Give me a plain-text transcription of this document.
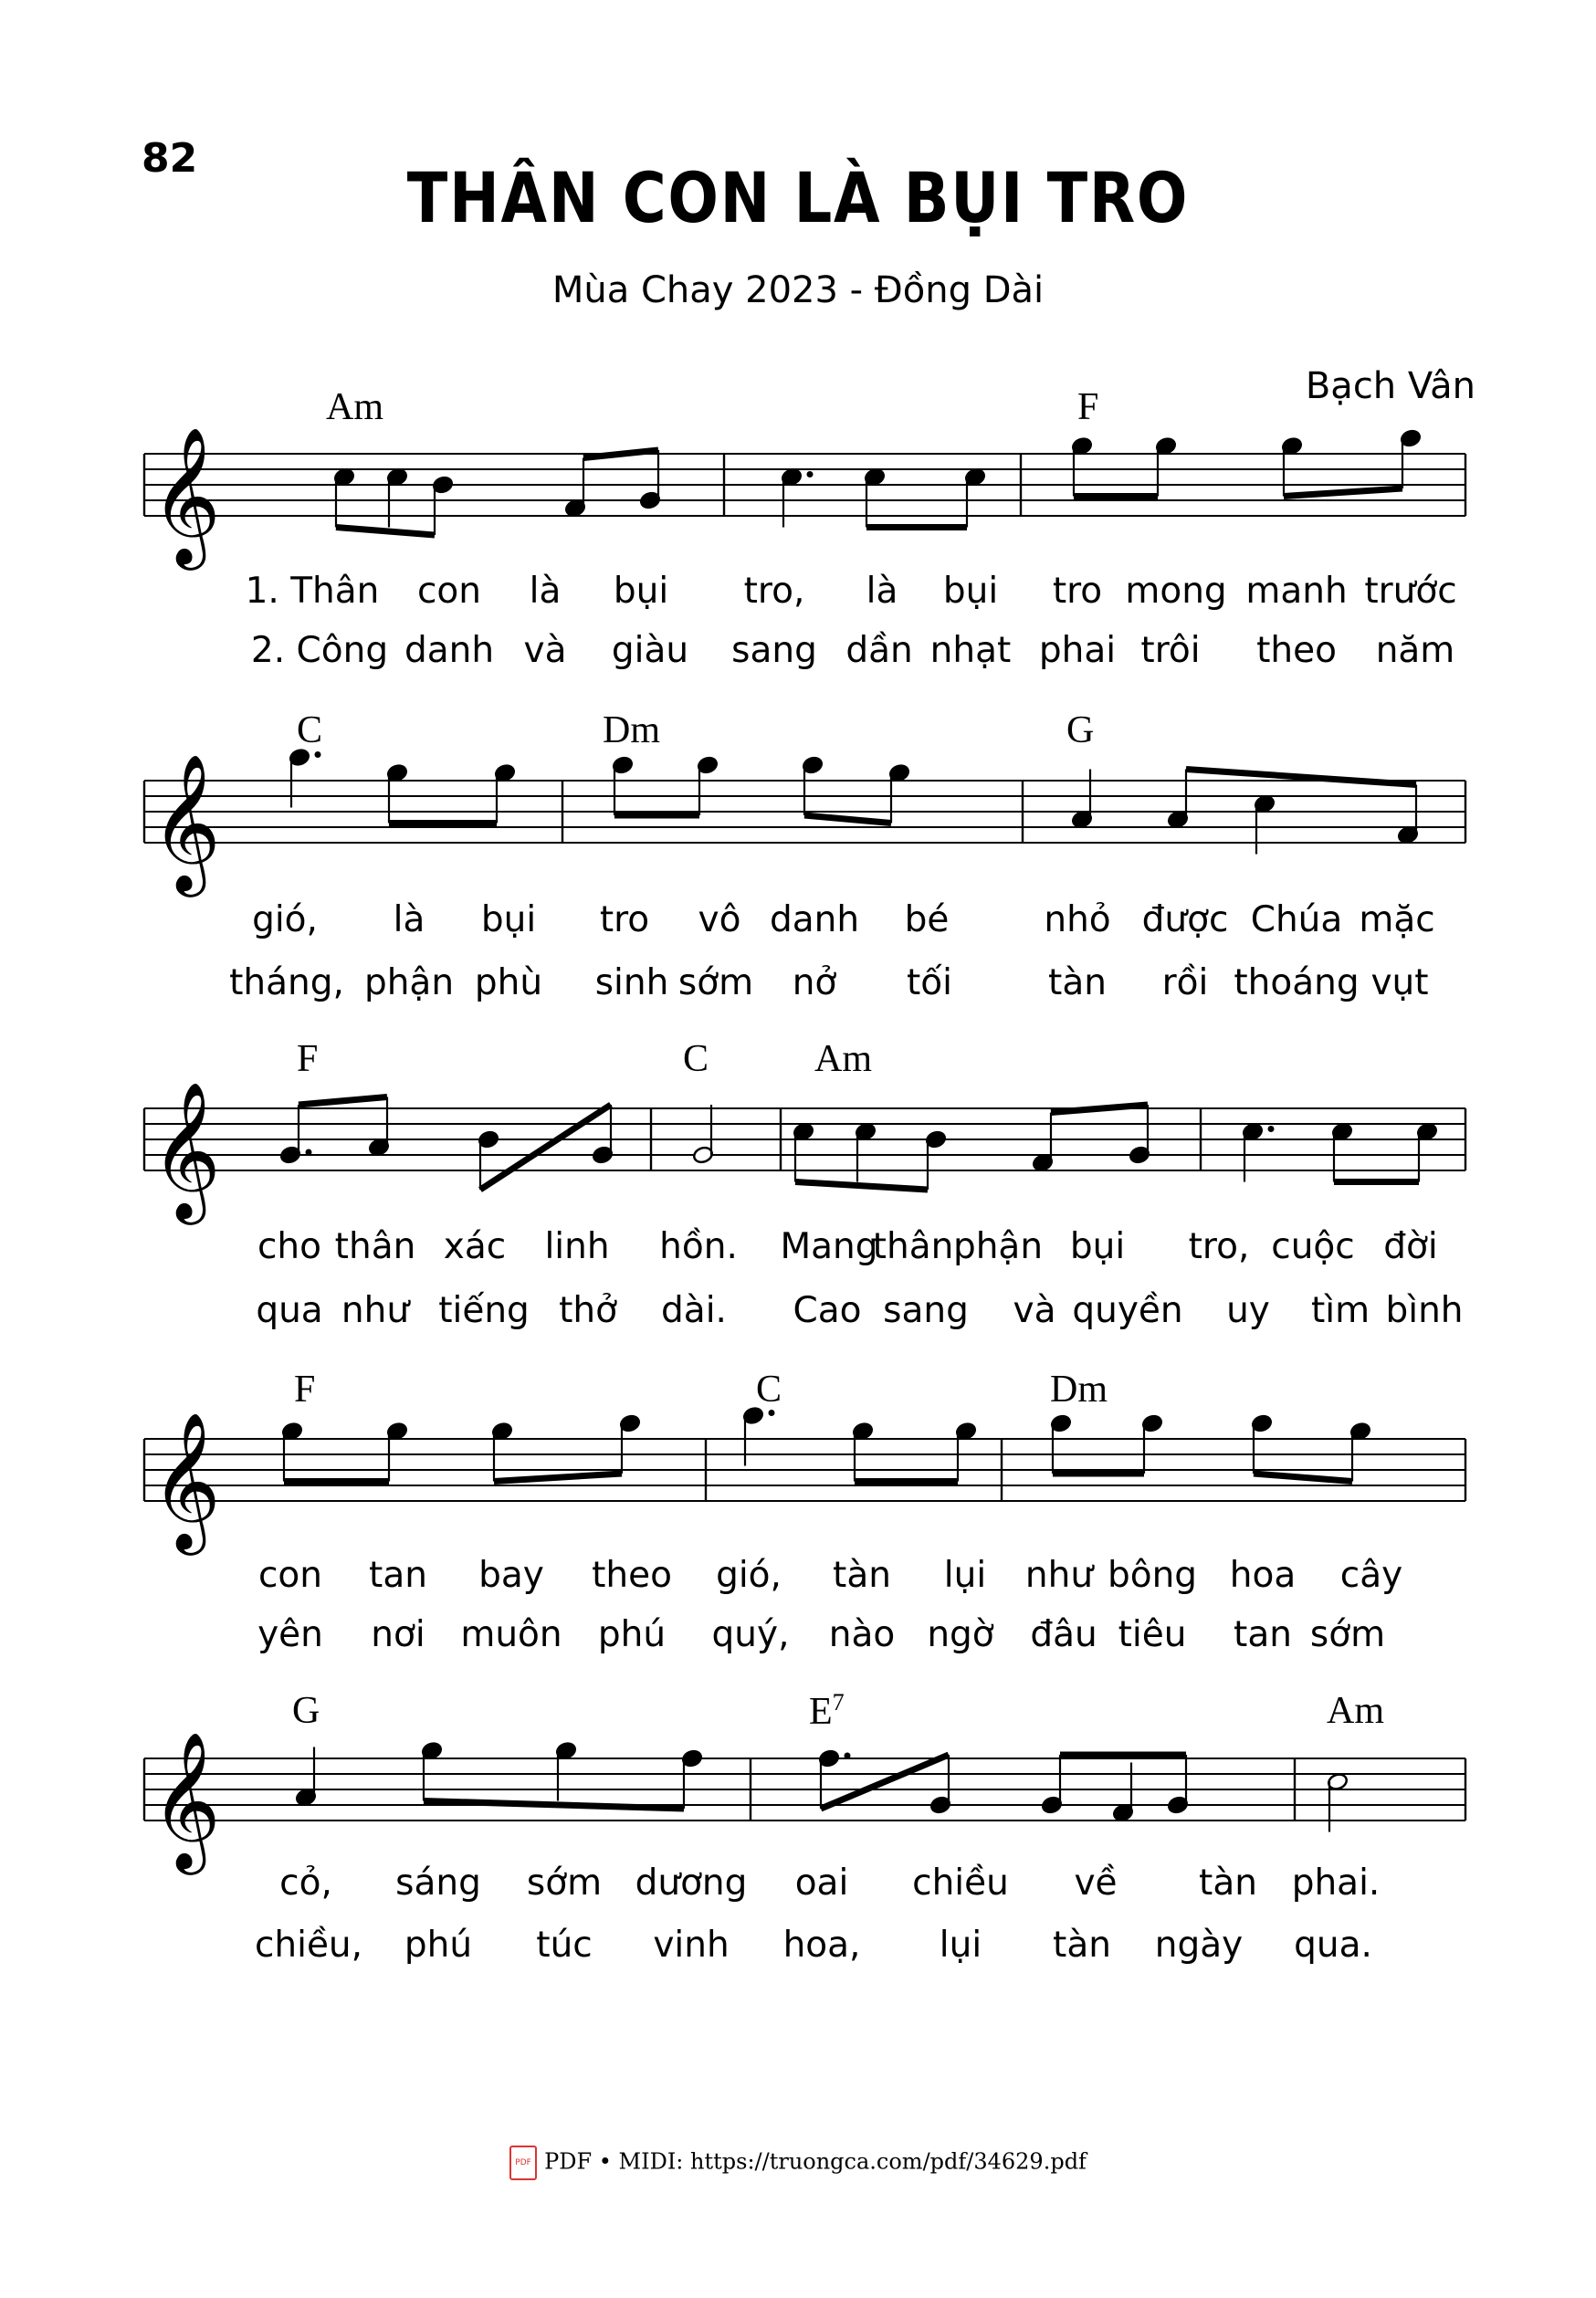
82	THÂN CON LÀ BỤI TRO
Mùa Chay 2023 - Đồng Dài
Bạch Vân
𝄞
𝄞
𝄞
𝄞
𝄞
Am	F
C	Dm	G
F	C	Am
F	C	Dm
G	$E^7$	Am
1. Thân con là bụi tro, là bụi tro mong manh trước
2. Công danh và giàu sang dần nhạt phai trôi theo năm
gió, là bụi tro vô danh bé	nhỏ được Chúa mặc
tháng, phận phù sinh sớm nở tối	tàn rồi thoáng vụt
cho thân xác linh hồn. Mang
thân phận bụi tro, cuộc đời
qua như tiếng thở dài. Cao sang và quyền uy tìm bình
con tan bay theo gió, tàn lụi như bông hoa cây
yên nơi muôn phú quý, nào ngờ đâu tiêu tan sớm
cỏ, sáng sớm dương oai chiều về tàn phai.
chiều, phú túc vinh hoa, lụi tàn ngày qua.
PDF PDF • MIDI: https://truongca.com/pdf/34629.pdf
